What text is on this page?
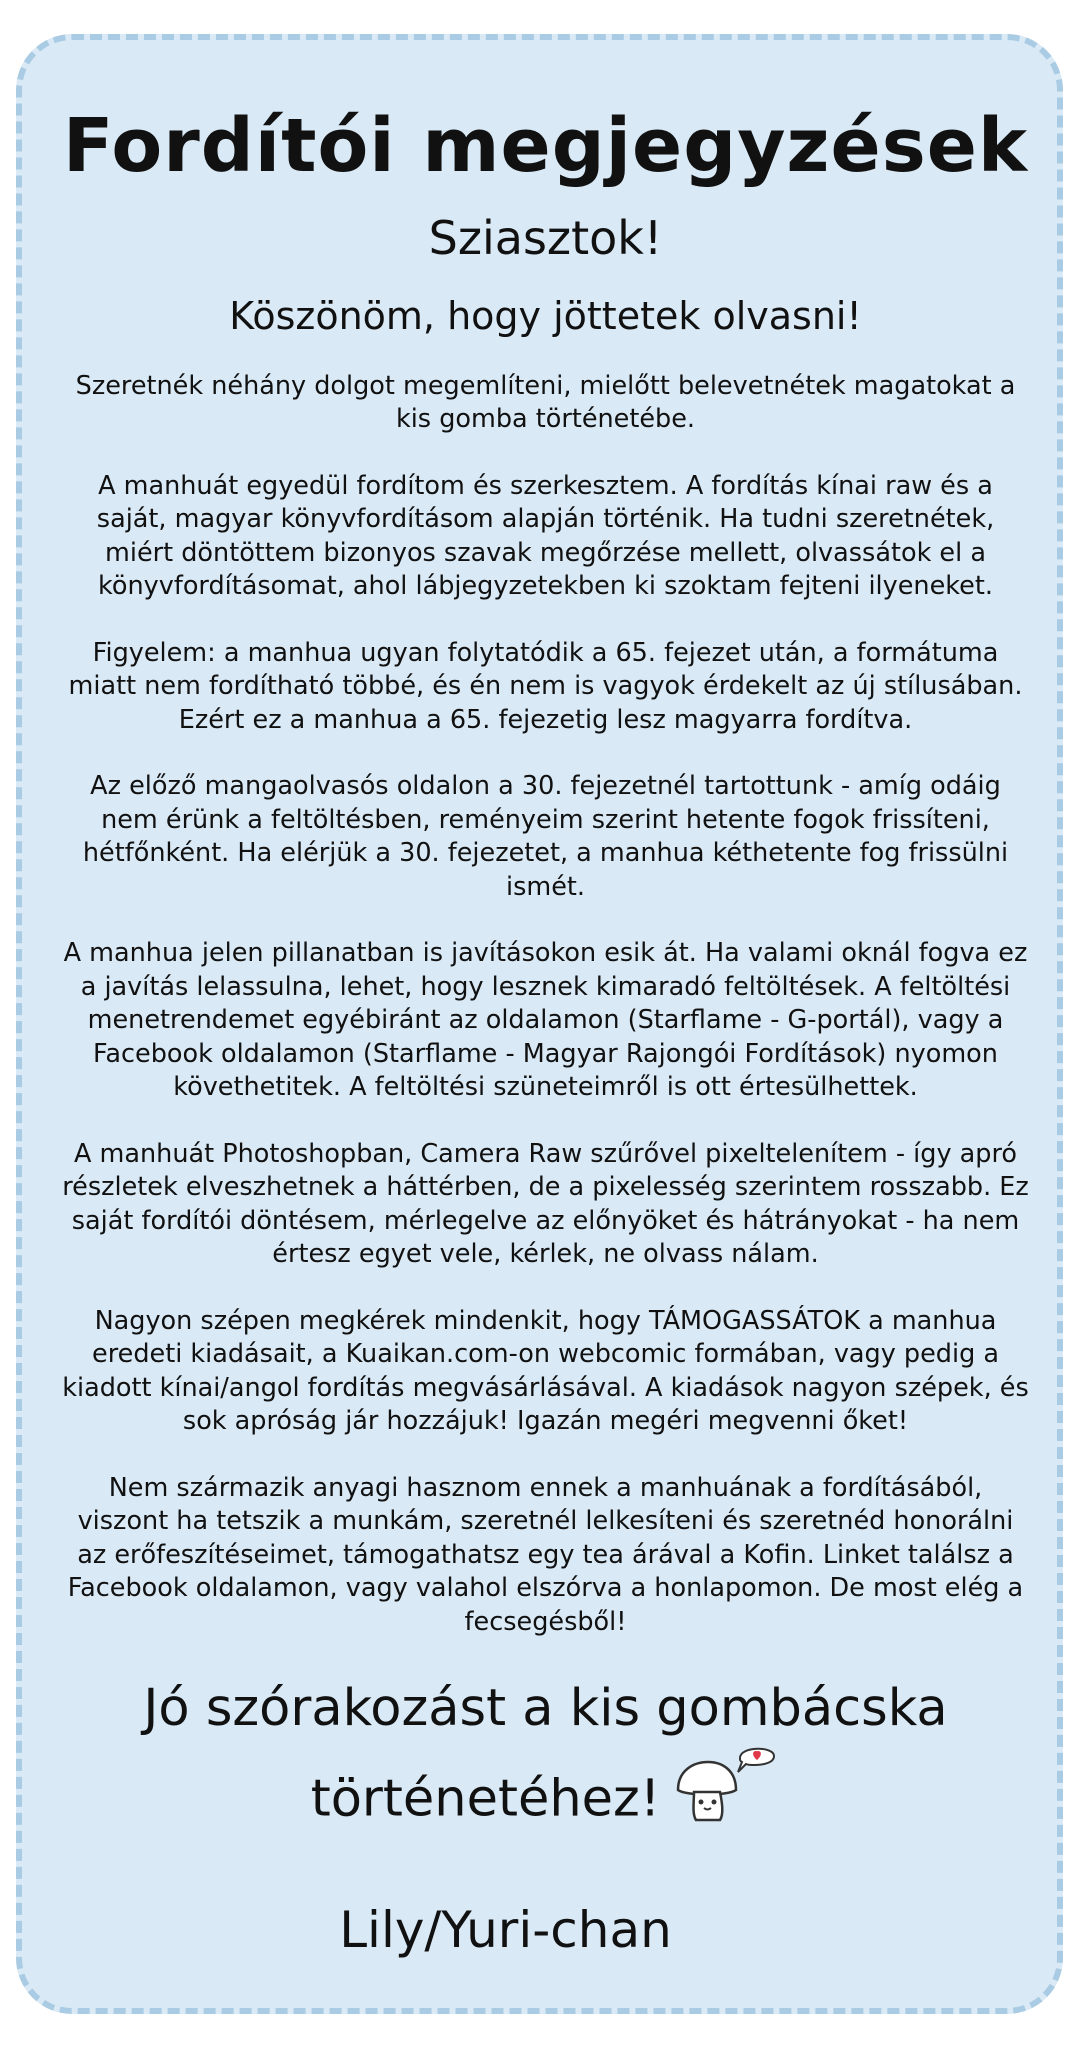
Fordítói megjegyzések

Sziasztok!

Köszönöm, hogy jöttetek olvasni!

Szeretnék néhány dolgot megemlíteni, mielőtt belevetnétek magatokat a kis gomba történetébe.

A manhuát egyedül fordítom és szerkesztem. A fordítás kínai raw és a saját, magyar könyvfordításom alapján történik. Ha tudni szeretnétek, miért döntöttem bizonyos szavak megőrzése mellett, olvassátok el a könyvfordításomat, ahol lábjegyzetekben ki szoktam fejteni ilyeneket.

Figyelem: a manhua ugyan folytatódik a 65. fejezet után, a formátuma miatt nem fordítható többé, és én nem is vagyok érdekelt az új stílusában. Ezért ez a manhua a 65. fejezetig lesz magyarra fordítva.

Az előző mangaolvasós oldalon a 30. fejezetnél tartottunk - amíg odáig nem érünk a feltöltésben, reményeim szerint hetente fogok frissíteni, hétfőnként. Ha elérjük a 30. fejezetet, a manhua kéthetente fog frissülni ismét.

A manhua jelen pillanatban is javításokon esik át. Ha valami oknál fogva ez a javítás lelassulna, lehet, hogy lesznek kimaradó feltöltések. A feltöltési menetrendemet egyébiránt az oldalamon (Starflame - G-portál), vagy a Facebook oldalamon (Starflame - Magyar Rajongói Fordítások) nyomon követhetitek. A feltöltési szüneteimről is ott értesülhettek.

A manhuát Photoshopban, Camera Raw szűrővel pixeltelenítem - így apró részletek elveszhetnek a háttérben, de a pixelesség szerintem rosszabb. Ez saját fordítói döntésem, mérlegelve az előnyöket és hátrányokat - ha nem értesz egyet vele, kérlek, ne olvass nálam.

Nagyon szépen megkérek mindenkit, hogy TÁMOGASSÁTOK a manhua eredeti kiadásait, a Kuaikan.com-on webcomic formában, vagy pedig a kiadott kínai/angol fordítás megvásárlásával. A kiadások nagyon szépek, és sok apróság jár hozzájuk! Igazán megéri megvenni őket!

Nem származik anyagi hasznom ennek a manhuának a fordításából, viszont ha tetszik a munkám, szeretnél lelkesíteni és szeretnéd honorálni az erőfeszítéseimet, támogathatsz egy tea árával a Kofin. Linket találsz a Facebook oldalamon, vagy valahol elszórva a honlapomon. De most elég a fecsegésből!

Jó szórakozást a kis gombácska
történetéhez!

Lily/Yuri-chan
